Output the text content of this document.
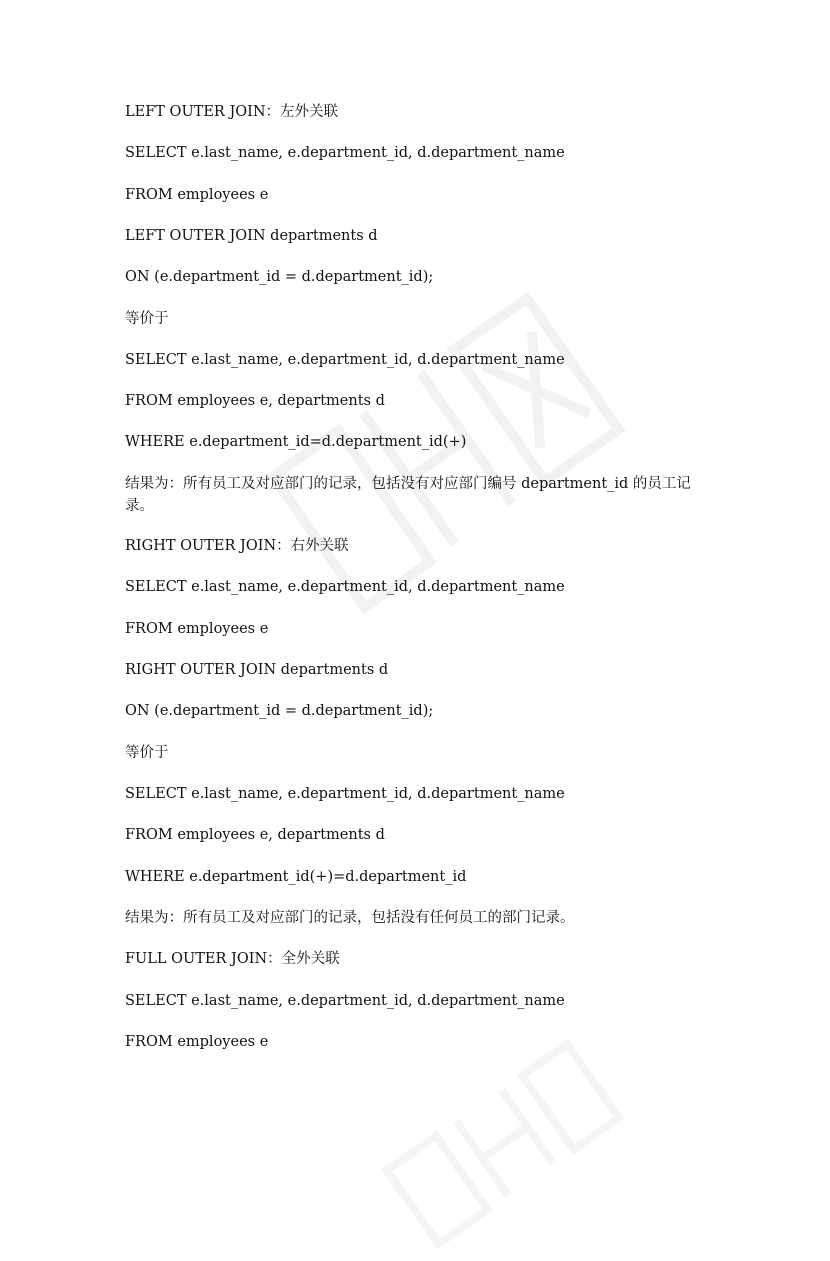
LEFT OUTER JOIN：左外关联
SELECT e.last_name, e.department_id, d.department_name
FROM employees e
LEFT OUTER JOIN departments d
ON (e.department_id = d.department_id);
等价于
SELECT e.last_name, e.department_id, d.department_name
FROM employees e, departments d
WHERE e.department_id=d.department_id(+)
结果为：所有员工及对应部门的记录，包括没有对应部门编号 department_id 的员工记录。
RIGHT OUTER JOIN：右外关联
SELECT e.last_name, e.department_id, d.department_name
FROM employees e
RIGHT OUTER JOIN departments d
ON (e.department_id = d.department_id);
等价于
SELECT e.last_name, e.department_id, d.department_name
FROM employees e, departments d
WHERE e.department_id(+)=d.department_id
结果为：所有员工及对应部门的记录，包括没有任何员工的部门记录。
FULL OUTER JOIN：全外关联
SELECT e.last_name, e.department_id, d.department_name
FROM employees e
